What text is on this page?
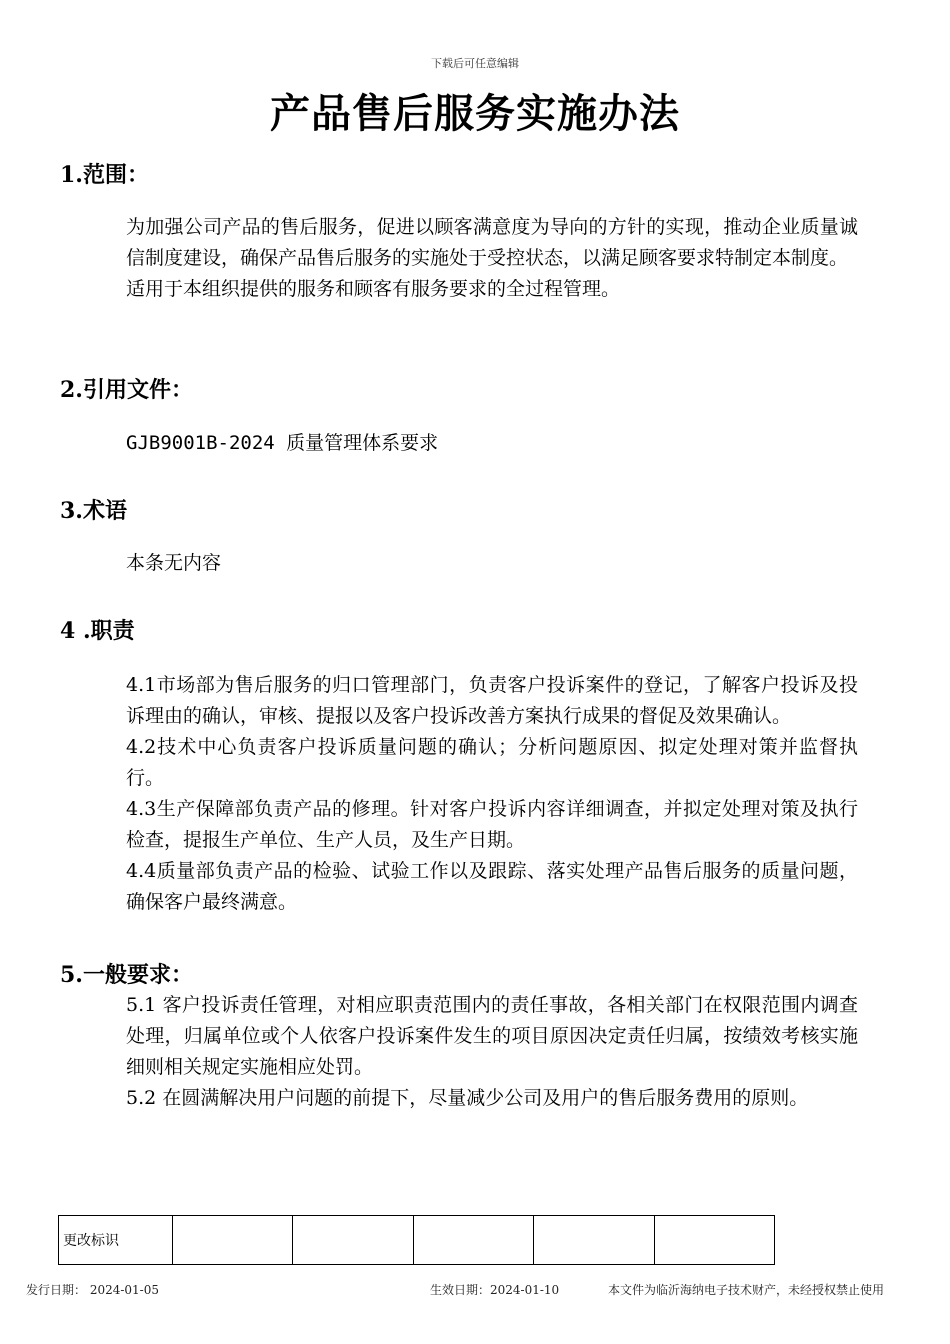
下载后可任意编辑
产品售后服务实施办法
1.范围：
为加强公司产品的售后服务，促进以顾客满意度为导向的方针的实现，推动企业质量诚信制度建设，确保产品售后服务的实施处于受控状态，以满足顾客要求特制定本制度。
适用于本组织提供的服务和顾客有服务要求的全过程管理。
2.引用文件：
GJB9001B-2024 质量管理体系要求
3.术语
本条无内容
4 .职责
4.1市场部为售后服务的归口管理部门，负责客户投诉案件的登记，了解客户投诉及投诉理由的确认，审核、提报以及客户投诉改善方案执行成果的督促及效果确认。
4.2技术中心负责客户投诉质量问题的确认；分析问题原因、拟定处理对策并监督执行。
4.3生产保障部负责产品的修理。针对客户投诉内容详细调查，并拟定处理对策及执行检查，提报生产单位、生产人员，及生产日期。
4.4质量部负责产品的检验、试验工作以及跟踪、落实处理产品售后服务的质量问题，确保客户最终满意。
5.一般要求：
5.1 客户投诉责任管理，对相应职责范围内的责任事故，各相关部门在权限范围内调查处理，归属单位或个人依客户投诉案件发生的项目原因决定责任归属，按绩效考核实施细则相关规定实施相应处罚。
5.2 在圆满解决用户问题的前提下，尽量减少公司及用户的售后服务费用的原则。
更改标识					
发行日期： 2024-01-05	生效日期：2024-01-10	本文件为临沂海纳电子技术财产，未经授权禁止使用
